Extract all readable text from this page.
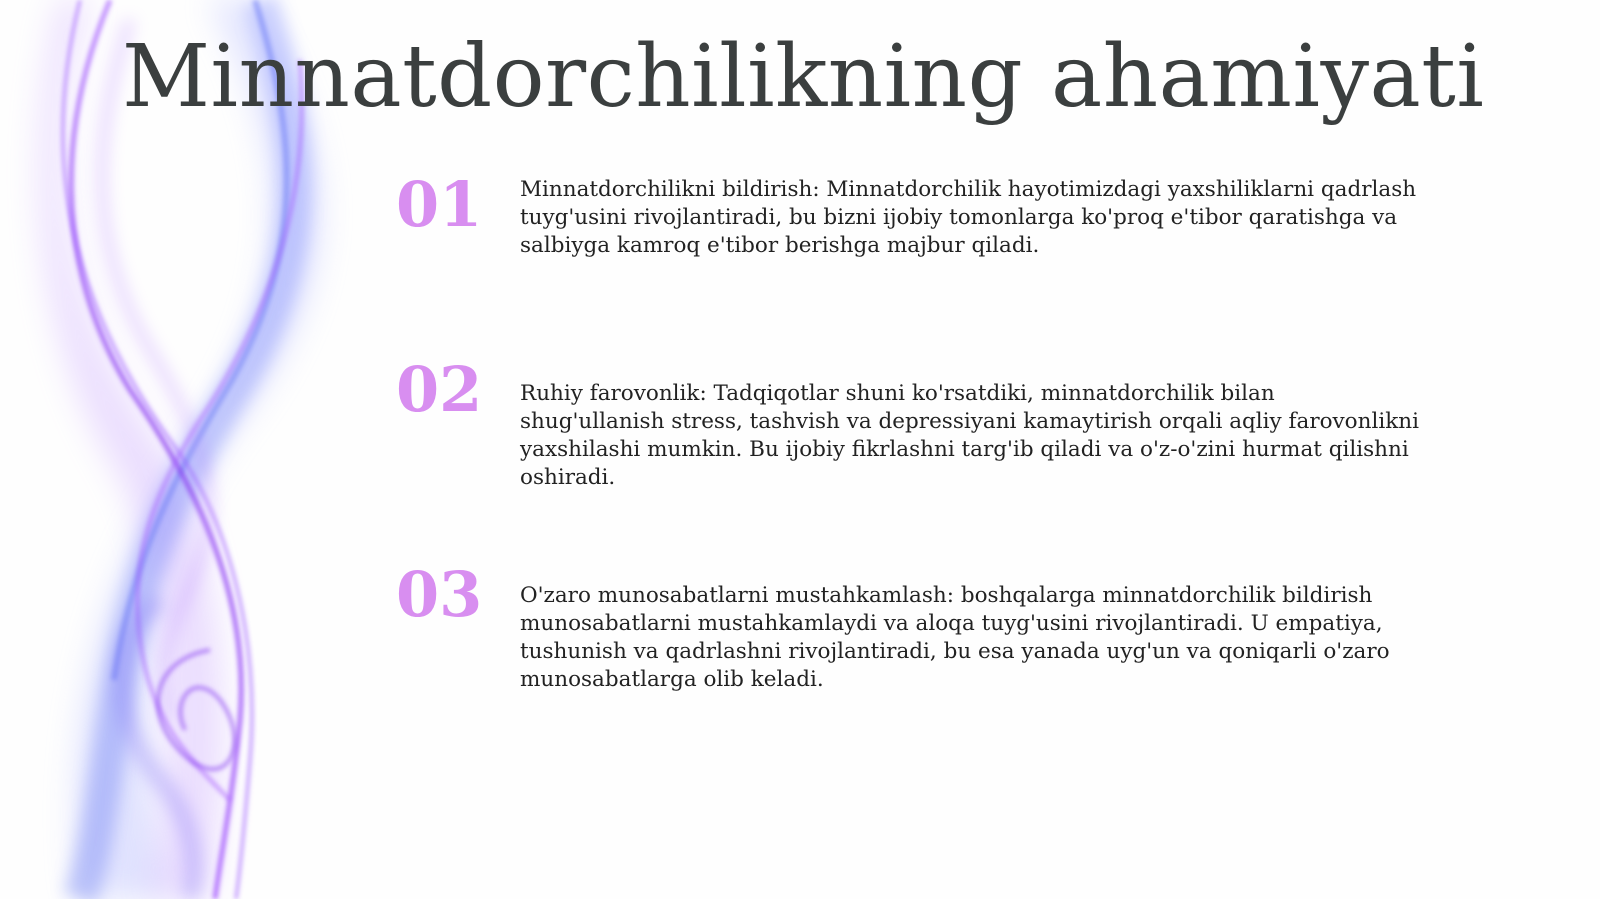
Minnatdorchilikning ahamiyati
01 Minnatdorchilikni bildirish: Minnatdorchilik hayotimizdagi yaxshiliklarni qadrlash tuyg'usini rivojlantiradi, bu bizni ijobiy tomonlarga ko'proq e'tibor qaratishga va salbiyga kamroq e'tibor berishga majbur qiladi.

02 Ruhiy farovonlik: Tadqiqotlar shuni ko'rsatdiki, minnatdorchilik bilan shug'ullanish stress, tashvish va depressiyani kamaytirish orqali aqliy farovonlikni yaxshilashi mumkin. Bu ijobiy fikrlashni targ'ib qiladi va o'z-o'zini hurmat qilishni oshiradi.

03 O'zaro munosabatlarni mustahkamlash: boshqalarga minnatdorchilik bildirish munosabatlarni mustahkamlaydi va aloqa tuyg'usini rivojlantiradi. U empatiya, tushunish va qadrlashni rivojlantiradi, bu esa yanada uyg'un va qoniqarli o'zaro munosabatlarga olib keladi.
